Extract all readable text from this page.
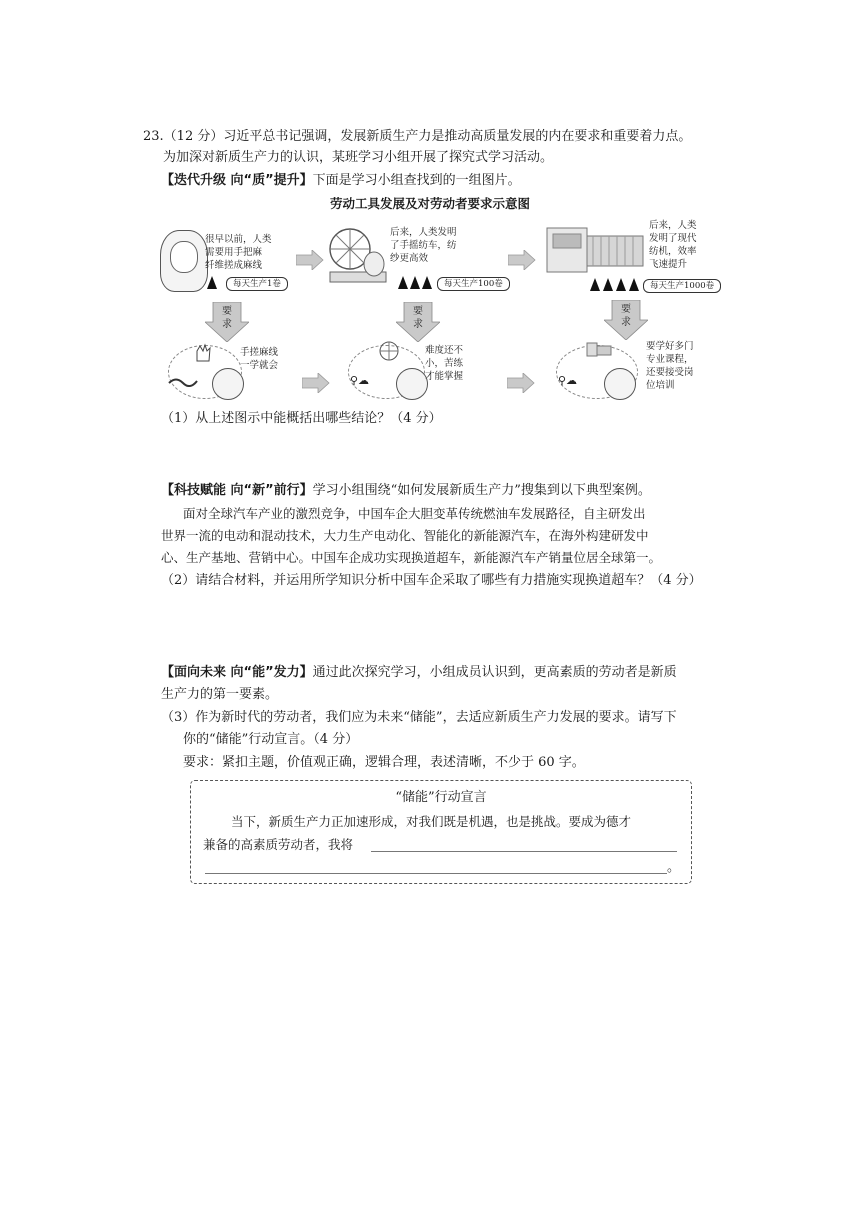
23.（12 分）习近平总书记强调，发展新质生产力是推动高质量发展的内在要求和重要着力点。
为加深对新质生产力的认识，某班学习小组开展了探究式学习活动。
【迭代升级 向“质”提升】下面是学习小组查找到的一组图片。
劳动工具发展及对劳动者要求示意图
很早以前，人类
需要用手把麻
纤维搓成麻线
每天生产1卷
后来，人类发明
了手摇纺车，纺
纱更高效
每天生产100卷
后来，人类
发明了现代
纺机，效率
飞速提升
每天生产1000卷
要
求
要
求
要
求
手搓麻线
一学就会
⚲☁
难度还不
小，苦练
才能掌握	⚲☁
要学好多门
专业课程，
还要接受岗
位培训
（1）从上述图示中能概括出哪些结论？（4 分）
【科技赋能 向“新”前行】学习小组围绕“如何发展新质生产力”搜集到以下典型案例。
面对全球汽车产业的激烈竞争，中国车企大胆变革传统燃油车发展路径，自主研发出
世界一流的电动和混动技术，大力生产电动化、智能化的新能源汽车，在海外构建研发中
心、生产基地、营销中心。中国车企成功实现换道超车，新能源汽车产销量位居全球第一。
（2）请结合材料，并运用所学知识分析中国车企采取了哪些有力措施实现换道超车？（4 分）
【面向未来 向“能”发力】通过此次探究学习，小组成员认识到，更高素质的劳动者是新质
生产力的第一要素。
（3）作为新时代的劳动者，我们应为未来“储能”，去适应新质生产力发展的要求。请写下
你的“储能”行动宣言。（4 分）
要求：紧扣主题，价值观正确，逻辑合理，表述清晰，不少于 60 字。
“储能”行动宣言
当下，新质生产力正加速形成，对我们既是机遇，也是挑战。要成为德才
兼备的高素质劳动者，我将
。
